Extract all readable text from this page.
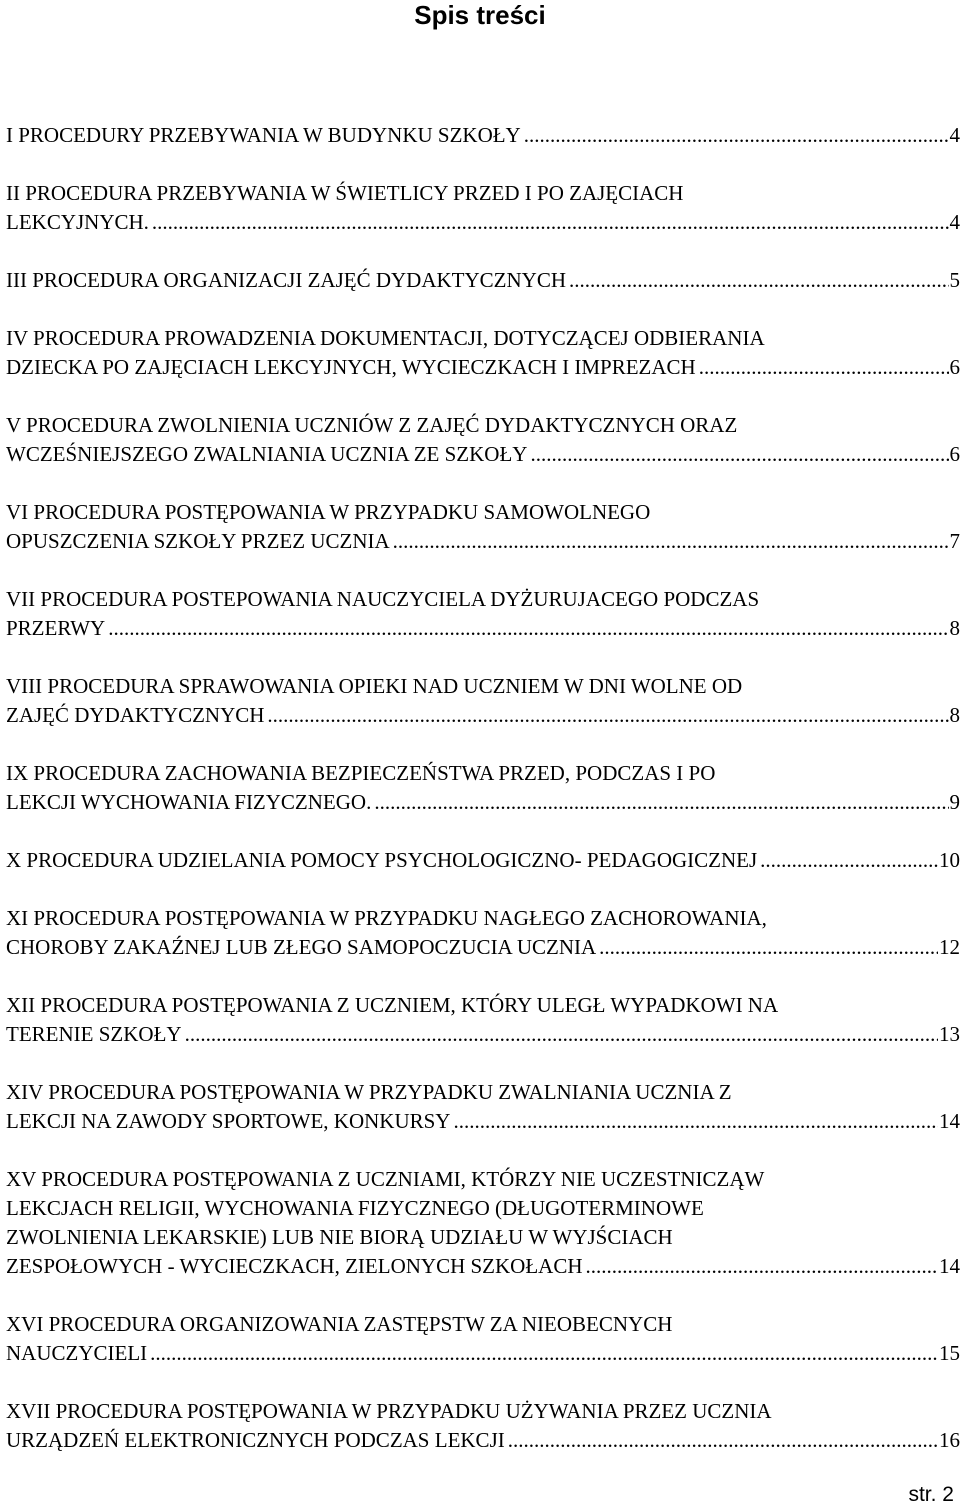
Spis treści
I PROCEDURY PRZEBYWANIA W BUDYNKU SZKOŁY .....	4
II PROCEDURA PRZEBYWANIA W ŚWIETLICY PRZED I PO ZAJĘCIACH
LEKCYJNYCH. .....	4
III PROCEDURA ORGANIZACJI ZAJĘĆ DYDAKTYCZNYCH .....	5
IV PROCEDURA PROWADZENIA DOKUMENTACJI, DOTYCZĄCEJ ODBIERANIA
DZIECKA PO ZAJĘCIACH LEKCYJNYCH, WYCIECZKACH I IMPREZACH .....	6
V PROCEDURA ZWOLNIENIA UCZNIÓW Z ZAJĘĆ DYDAKTYCZNYCH ORAZ
WCZEŚNIEJSZEGO ZWALNIANIA UCZNIA ZE SZKOŁY .....	6
VI PROCEDURA POSTĘPOWANIA W PRZYPADKU SAMOWOLNEGO
OPUSZCZENIA SZKOŁY PRZEZ UCZNIA .....	7
VII PROCEDURA POSTEPOWANIA NAUCZYCIELA DYŻURUJACEGO PODCZAS
PRZERWY .....	8
VIII PROCEDURA SPRAWOWANIA OPIEKI NAD UCZNIEM W DNI WOLNE OD
ZAJĘĆ DYDAKTYCZNYCH .....	8
IX PROCEDURA ZACHOWANIA BEZPIECZEŃSTWA PRZED, PODCZAS I PO
LEKCJI WYCHOWANIA FIZYCZNEGO. .....	9
X PROCEDURA UDZIELANIA POMOCY PSYCHOLOGICZNO- PEDAGOGICZNEJ .....	10
XI PROCEDURA POSTĘPOWANIA W PRZYPADKU NAGŁEGO ZACHOROWANIA,
CHOROBY ZAKAŹNEJ LUB ZŁEGO SAMOPOCZUCIA UCZNIA .....	12
XII PROCEDURA POSTĘPOWANIA Z UCZNIEM, KTÓRY ULEGŁ WYPADKOWI NA
TERENIE SZKOŁY .....	13
XIV PROCEDURA POSTĘPOWANIA W PRZYPADKU ZWALNIANIA UCZNIA Z
LEKCJI NA ZAWODY SPORTOWE, KONKURSY .....	14
XV PROCEDURA POSTĘPOWANIA Z UCZNIAMI, KTÓRZY NIE UCZESTNICZĄW
LEKCJACH RELIGII, WYCHOWANIA FIZYCZNEGO (DŁUGOTERMINOWE
ZWOLNIENIA LEKARSKIE) LUB NIE BIORĄ UDZIAŁU W WYJŚCIACH
ZESPOŁOWYCH - WYCIECZKACH, ZIELONYCH SZKOŁACH .....	14
XVI PROCEDURA ORGANIZOWANIA ZASTĘPSTW ZA NIEOBECNYCH
NAUCZYCIELI .....	15
XVII PROCEDURA POSTĘPOWANIA W PRZYPADKU UŻYWANIA PRZEZ UCZNIA
URZĄDZEŃ ELEKTRONICZNYCH PODCZAS LEKCJI .....	16
str. 2
